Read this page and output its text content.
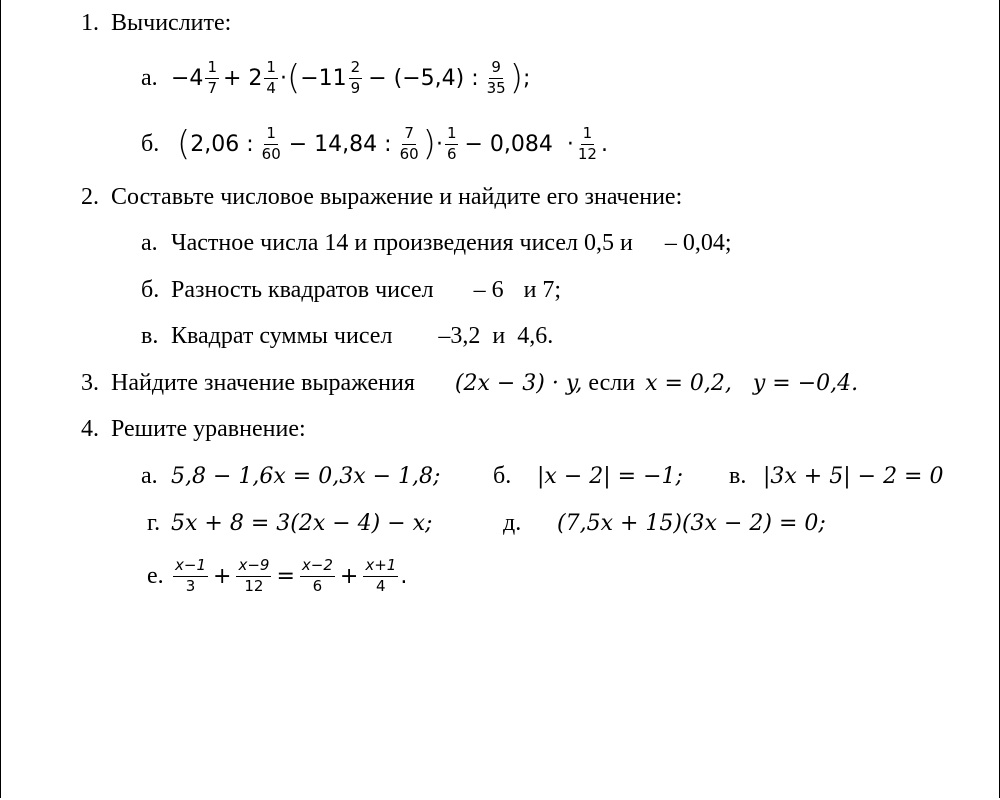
1. Вычислите:
а. $-4 \frac{1}{7} + 2 \frac{1}{4}$ · ( $-11 \frac{2}{9} - (-5,4)$ : $\frac{9}{35}$ ) ;
б. ( 2,06 : $\frac{1}{60} - 14,84$ : $\frac{7}{60}$ ) · $\frac{1}{6} - 0,084 \cdot \frac{1}{12}$ .
2. Составьте числовое выражение и найдите его значение:
а. Частное числа 14 и произведения чисел 0,5 и – 0,04;
б. Разность квадратов чисел – 6 и 7;
в. Квадрат суммы чисел –3,2 и  4,6.
3. Найдите значение выражения (2x − 3) · y, если x = 0,2,   y = −0,4.
4. Решите уравнение:
а. 5,8 − 1,6x = 0,3x − 1,8; б.	|x − 2| = −1; в. |3x + 5| − 2 = 0
г. 5x + 8 = 3(2x − 4) − x;	д.	(7,5x + 15)(3x − 2) = 0;
е. $\frac{x-1}{3} + \frac{x-9}{12} = \frac{x-2}{6} + \frac{x+1}{4}$ .
